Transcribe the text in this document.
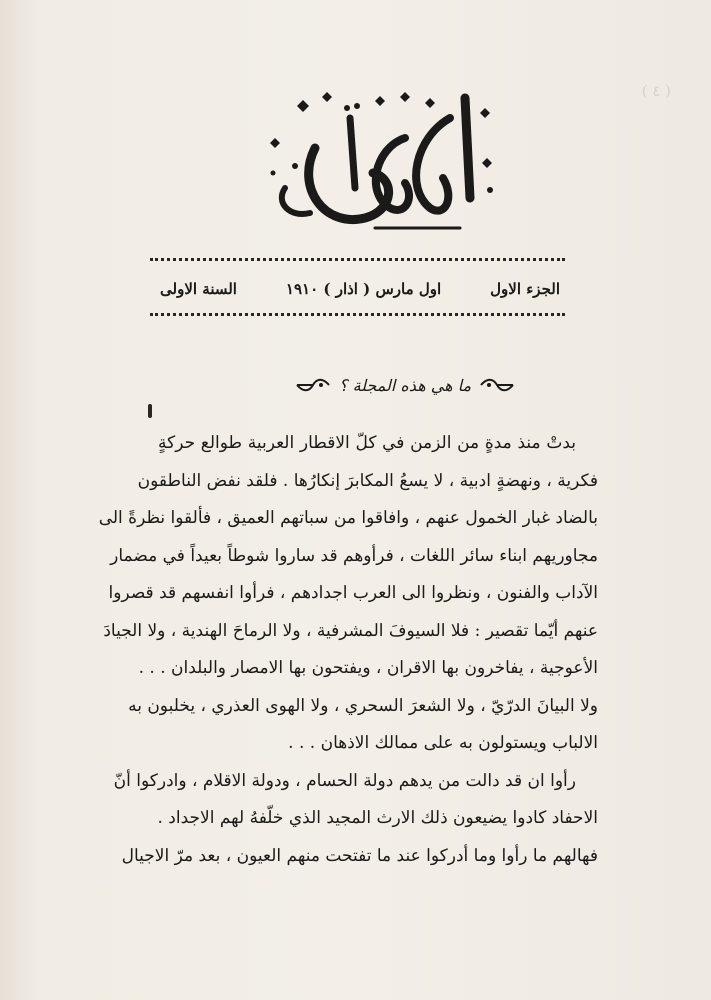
( ٤ )
الجزء الاول
اول مارس ( اذار ) ١٩١٠
السنة الاولى
ما هي هذه المجلة ؟
بدتْ منذ مدةٍ من الزمن في كلّ الاقطار العربية طوالع حركةٍ
فكرية ، ونهضةٍ ادبية ، لا يسعُ المكابرَ إنكارُها . فلقد نفض الناطقون
بالضاد غبار الخمول عنهم ، وافاقوا من سباتهم العميق ، فألقوا نظرةً الى
مجاوريهم ابناء سائر اللغات ، فرأوهم قد ساروا شوطاً بعيداً في مضمار
الآداب والفنون ، ونظروا الى العرب اجدادهم ، فرأوا انفسهم قد قصروا
عنهم أيّما تقصير : فلا السيوفَ المشرفية ، ولا الرماحَ الهندية ، ولا الجيادَ
الأعوجية ، يفاخرون بها الاقران ، ويفتحون بها الامصار والبلدان . . .
ولا البيانَ الدرّيّ ، ولا الشعرَ السحري ، ولا الهوى العذري ، يخلبون به
الالباب ويستولون به على ممالك الاذهان . . .
رأوا ان قد دالت من يدهم دولة الحسام ، ودولة الاقلام ، وادركوا أنّ
الاحفاد كادوا يضيعون ذلك الارث المجيد الذي خلّفهُ لهم الاجداد .
فهالهم ما رأوا وما أدركوا عند ما تفتحت منهم العيون ، بعد مرّ الاجيال
